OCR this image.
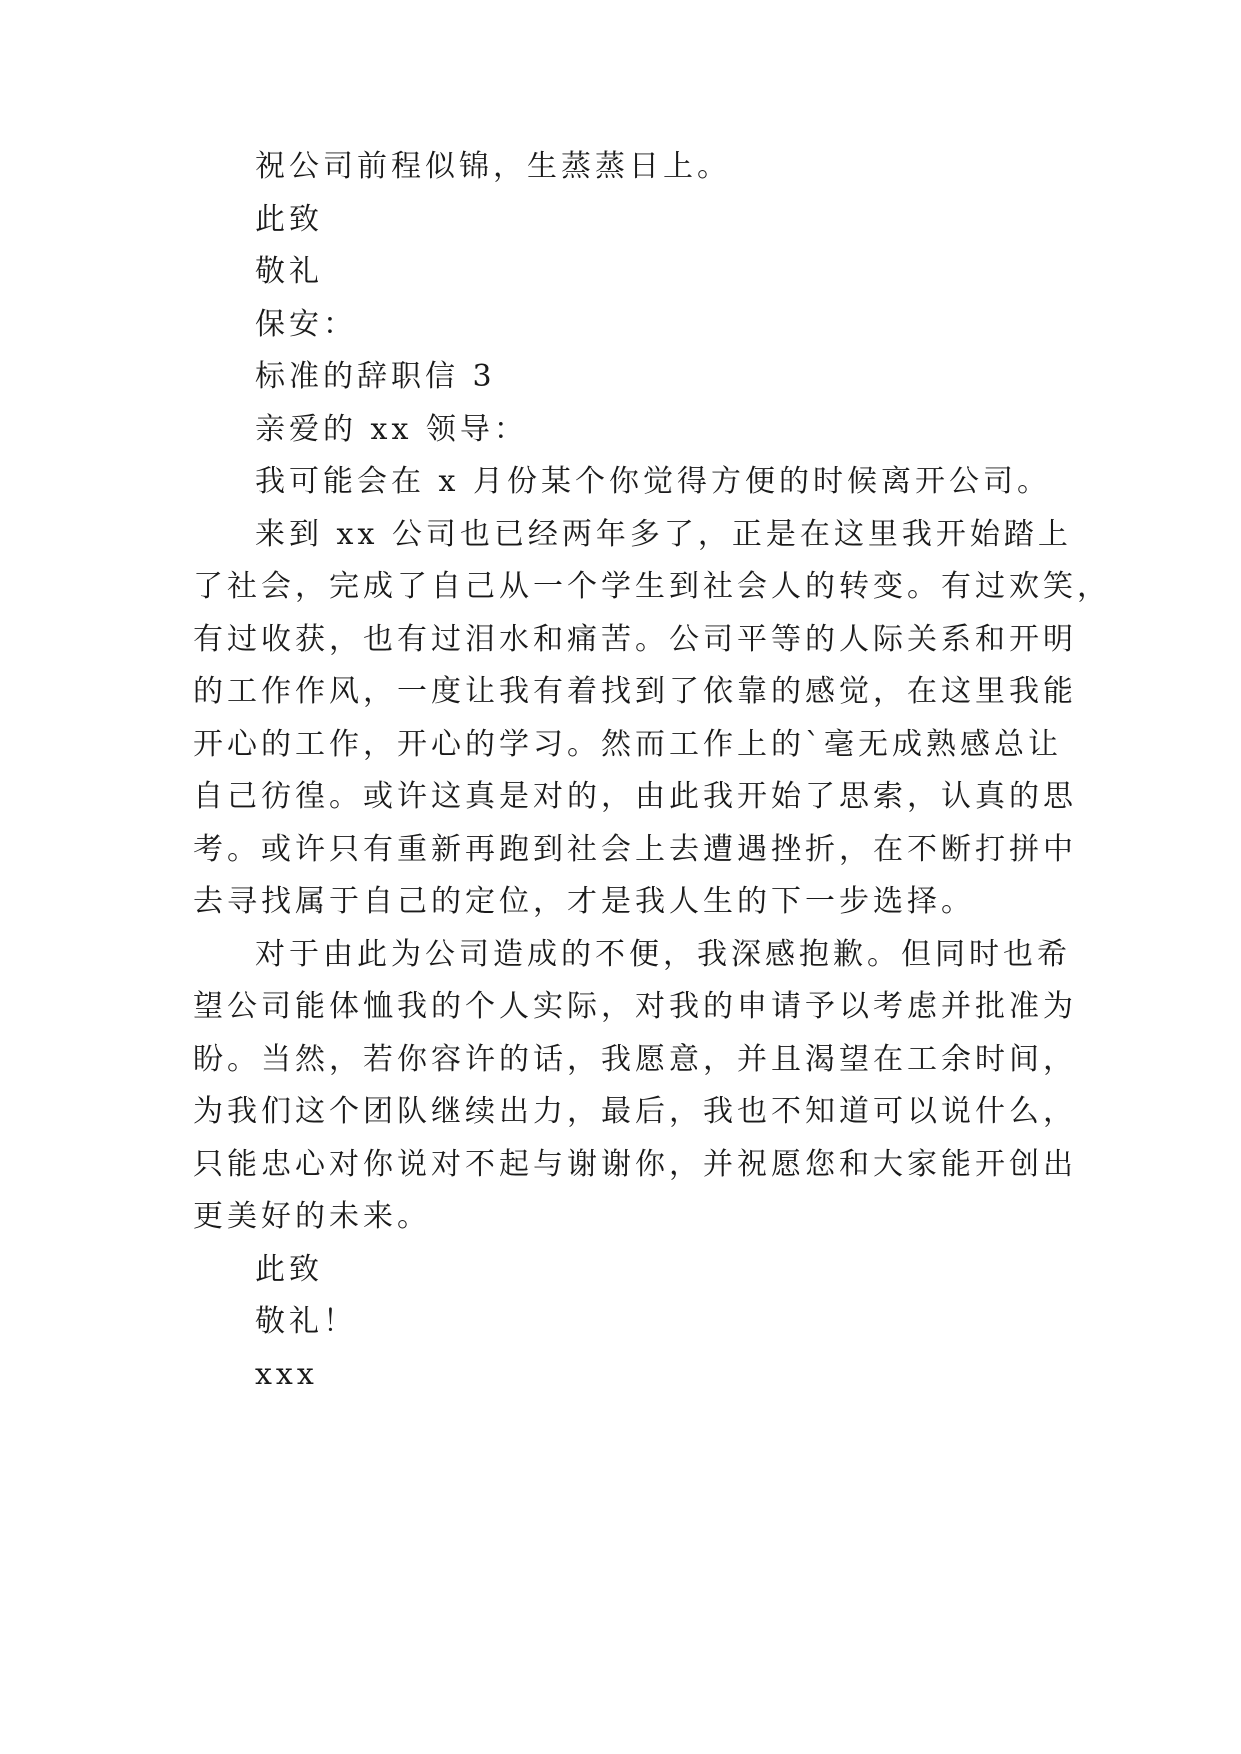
祝公司前程似锦，生蒸蒸日上。

此致

敬礼

保安：

标准的辞职信 3

亲爱的 xx 领导：

我可能会在 x 月份某个你觉得方便的时候离开公司。

来到 xx 公司也已经两年多了，正是在这里我开始踏上

了社会，完成了自己从一个学生到社会人的转变。有过欢笑，

有过收获，也有过泪水和痛苦。公司平等的人际关系和开明

的工作作风，一度让我有着找到了依靠的感觉，在这里我能

开心的工作，开心的学习。然而工作上的`毫无成熟感总让

自己彷徨。或许这真是对的，由此我开始了思索，认真的思

考。或许只有重新再跑到社会上去遭遇挫折，在不断打拼中

去寻找属于自己的定位，才是我人生的下一步选择。

对于由此为公司造成的不便，我深感抱歉。但同时也希

望公司能体恤我的个人实际，对我的申请予以考虑并批准为

盼。当然，若你容许的话，我愿意，并且渴望在工余时间，

为我们这个团队继续出力，最后，我也不知道可以说什么，

只能忠心对你说对不起与谢谢你，并祝愿您和大家能开创出

更美好的未来。

此致

敬礼！

xxx
